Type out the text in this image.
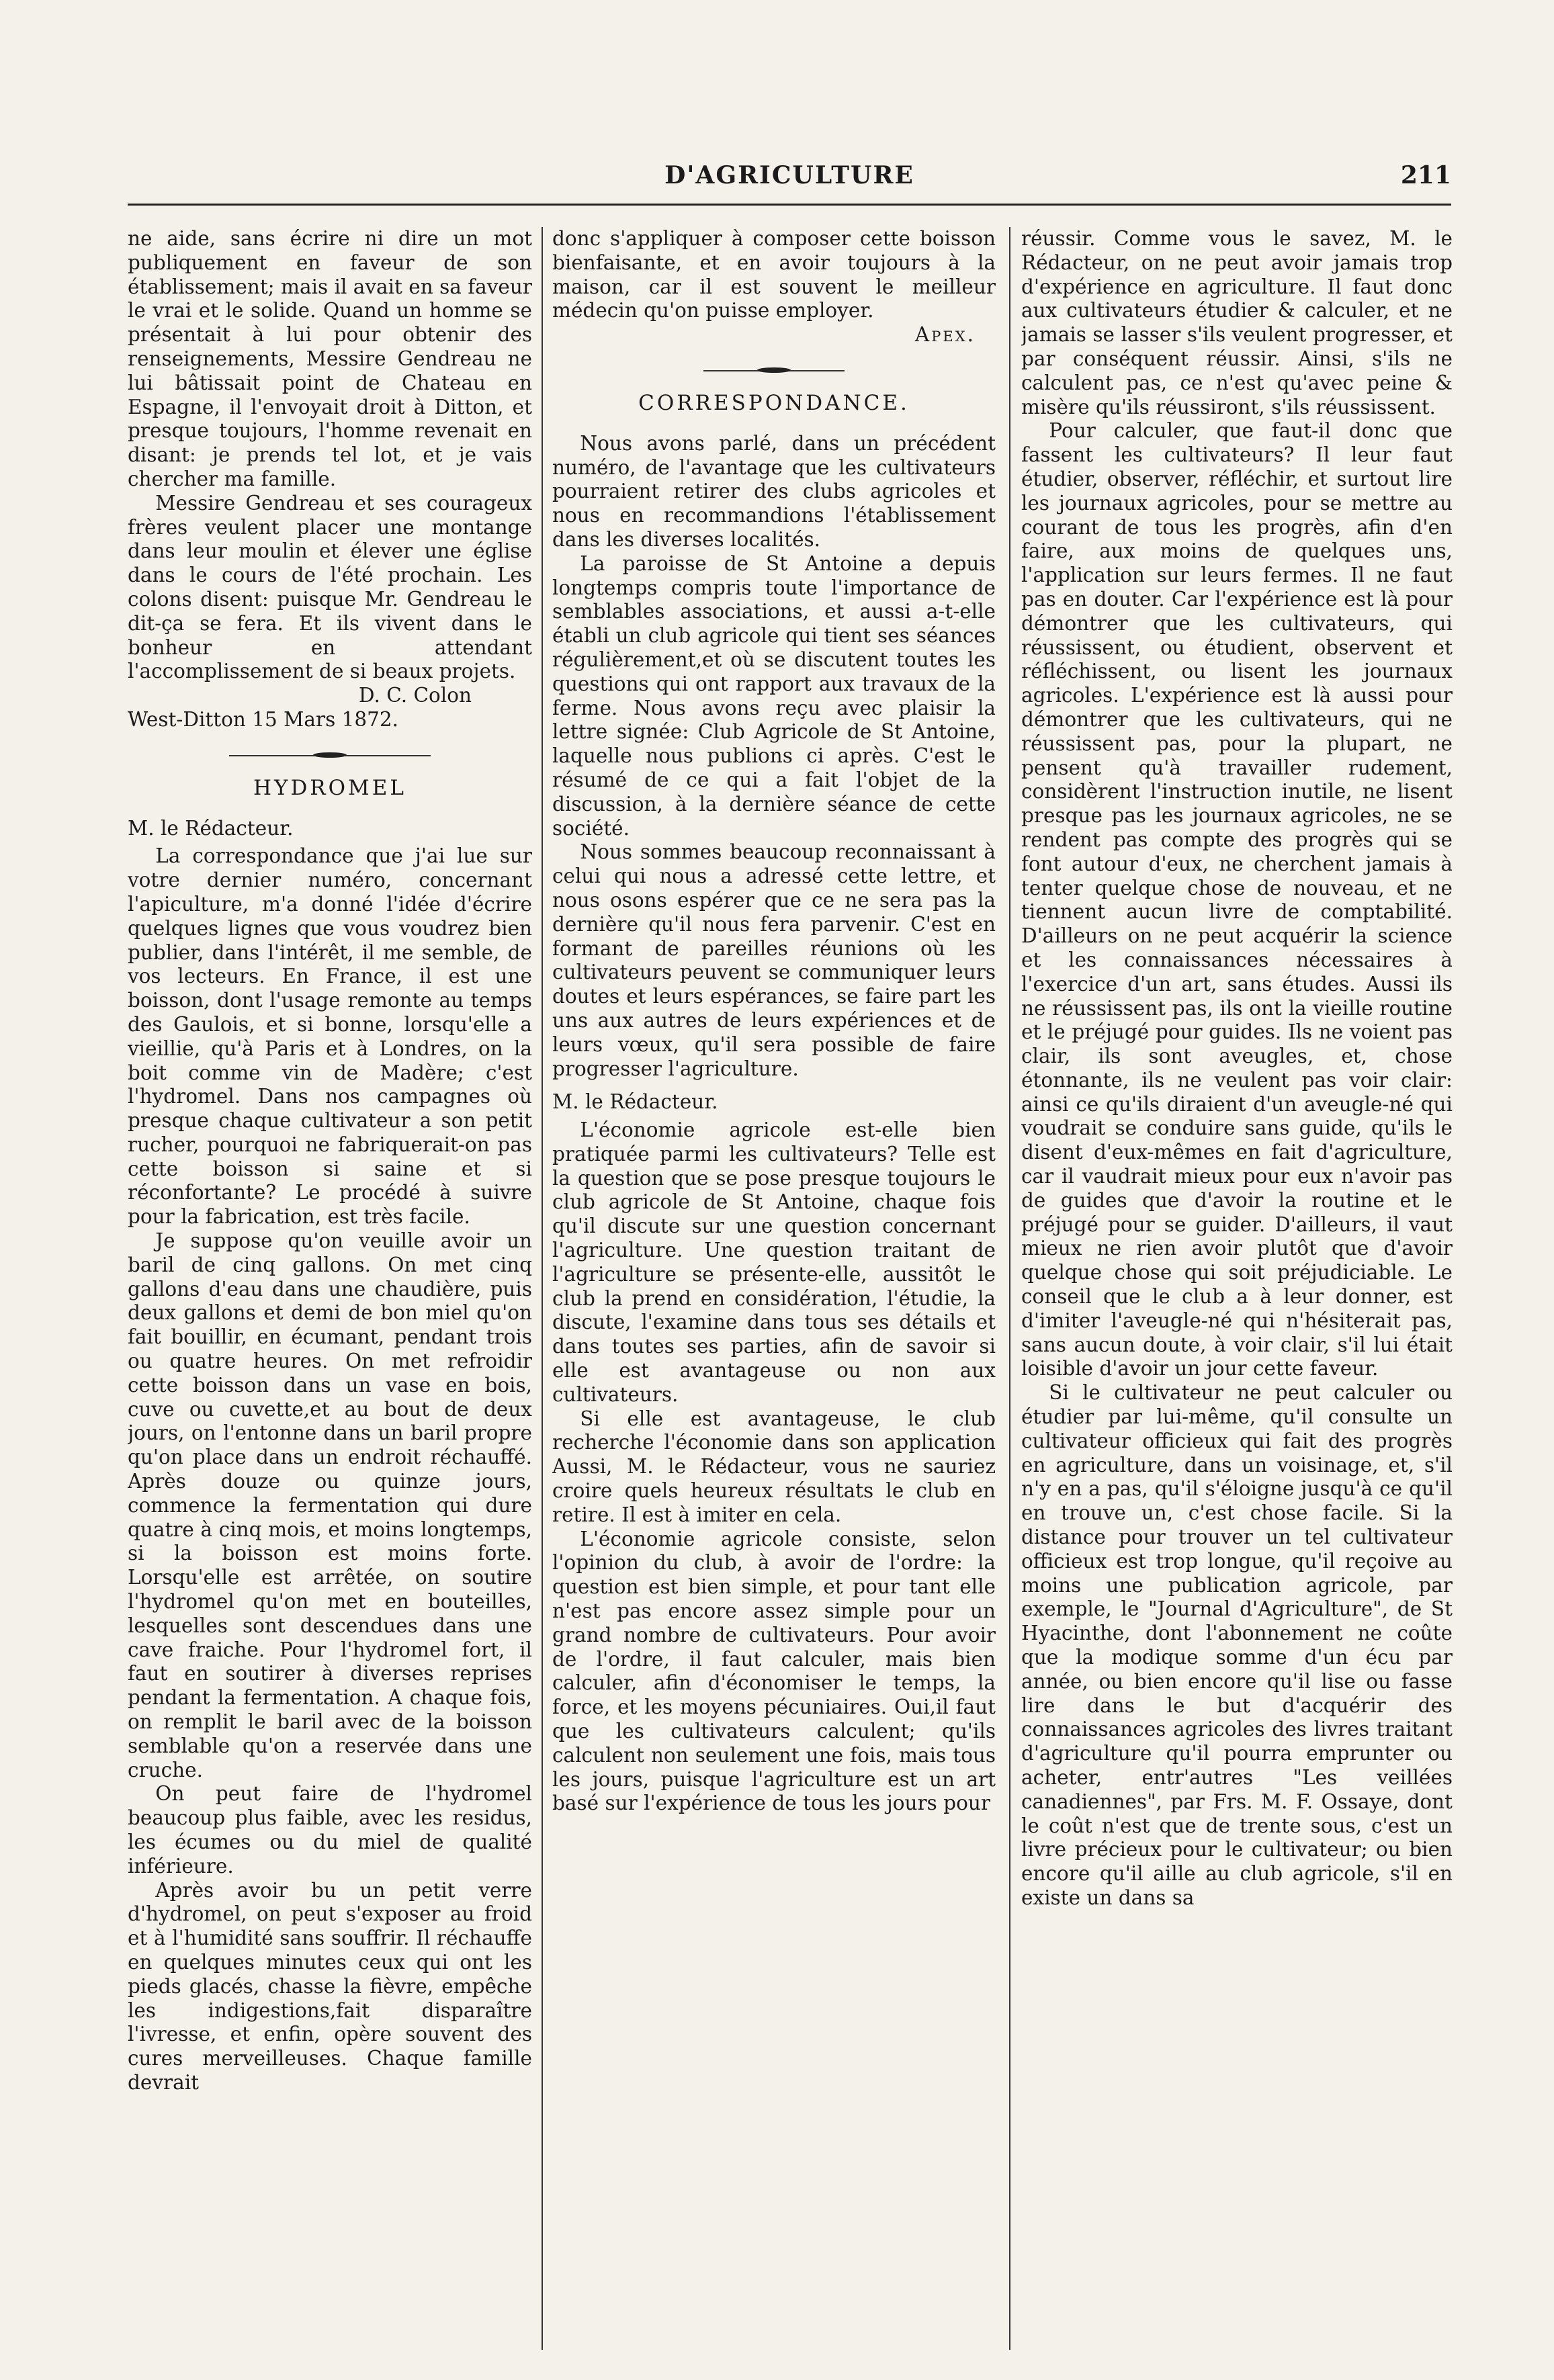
D'AGRICULTURE	211

ne aide, sans écrire ni dire un mot publiquement en faveur de son établissement; mais il avait en sa faveur le vrai et le solide. Quand un homme se présentait à lui pour obtenir des renseignements, Messire Gendreau ne lui bâtissait point de Chateau en Espagne, il l'envoyait droit à Ditton, et presque toujours, l'homme revenait en disant: je prends tel lot, et je vais chercher ma famille.

Messire Gendreau et ses courageux frères veulent placer une montange dans leur moulin et élever une église dans le cours de l'été prochain. Les colons disent: puisque Mr. Gendreau le dit-ça se fera. Et ils vivent dans le bonheur en attendant l'accomplissement de si beaux projets.

D. C. Colon

West-Ditton 15 Mars 1872.

HYDROMEL

M. le Rédacteur.

La correspondance que j'ai lue sur votre dernier numéro, concernant l'apiculture, m'a donné l'idée d'écrire quelques lignes que vous voudrez bien publier, dans l'intérêt, il me semble, de vos lecteurs. En France, il est une boisson, dont l'usage remonte au temps des Gaulois, et si bonne, lorsqu'elle a vieillie, qu'à Paris et à Londres, on la boit comme vin de Madère; c'est l'hydromel. Dans nos campagnes où presque chaque cultivateur a son petit rucher, pourquoi ne fabriquerait-on pas cette boisson si saine et si réconfortante? Le procédé à suivre pour la fabrication, est très facile.

Je suppose qu'on veuille avoir un baril de cinq gallons. On met cinq gallons d'eau dans une chaudière, puis deux gallons et demi de bon miel qu'on fait bouillir, en écumant, pendant trois ou quatre heures. On met refroidir cette boisson dans un vase en bois, cuve ou cuvette,et au bout de deux jours, on l'entonne dans un baril propre qu'on place dans un endroit réchauffé. Après douze ou quinze jours, commence la fermentation qui dure quatre à cinq mois, et moins longtemps, si la boisson est moins forte. Lorsqu'elle est arrêtée, on soutire l'hydromel qu'on met en bouteilles, lesquelles sont descendues dans une cave fraiche. Pour l'hydromel fort, il faut en soutirer à diverses reprises pendant la fermentation. A chaque fois, on remplit le baril avec de la boisson semblable qu'on a reservée dans une cruche.

On peut faire de l'hydromel beaucoup plus faible, avec les residus, les écumes ou du miel de qualité inférieure.

Après avoir bu un petit verre d'hydromel, on peut s'exposer au froid et à l'humidité sans souffrir. Il réchauffe en quelques minutes ceux qui ont les pieds glacés, chasse la fièvre, empêche les indigestions,fait disparaître l'ivresse, et enfin, opère souvent des cures merveilleuses. Chaque famille devrait

donc s'appliquer à composer cette boisson bienfaisante, et en avoir toujours à la maison, car il est souvent le meilleur médecin qu'on puisse employer.

Apex.

CORRESPONDANCE.

Nous avons parlé, dans un précédent numéro, de l'avantage que les cultivateurs pourraient retirer des clubs agricoles et nous en recommandions l'établissement dans les diverses localités.

La paroisse de St Antoine a depuis longtemps compris toute l'importance de semblables associations, et aussi a-t-elle établi un club agricole qui tient ses séances régulièrement,et où se discutent toutes les questions qui ont rapport aux travaux de la ferme. Nous avons reçu avec plaisir la lettre signée: Club Agricole de St Antoine, laquelle nous publions ci après. C'est le résumé de ce qui a fait l'objet de la discussion, à la dernière séance de cette société.

Nous sommes beaucoup reconnaissant à celui qui nous a adressé cette lettre, et nous osons espérer que ce ne sera pas la dernière qu'il nous fera parvenir. C'est en formant de pareilles réunions où les cultivateurs peuvent se communiquer leurs doutes et leurs espérances, se faire part les uns aux autres de leurs expériences et de leurs vœux, qu'il sera possible de faire progresser l'agriculture.

M. le Rédacteur.

L'économie agricole est-elle bien pratiquée parmi les cultivateurs? Telle est la question que se pose presque toujours le club agricole de St Antoine, chaque fois qu'il discute sur une question concernant l'agriculture. Une question traitant de l'agriculture se présente-elle, aussitôt le club la prend en considération, l'étudie, la discute, l'examine dans tous ses détails et dans toutes ses parties, afin de savoir si elle est avantageuse ou non aux cultivateurs.

Si elle est avantageuse, le club recherche l'économie dans son application Aussi, M. le Rédacteur, vous ne sauriez croire quels heureux résultats le club en retire. Il est à imiter en cela.

L'économie agricole consiste, selon l'opinion du club, à avoir de l'ordre: la question est bien simple, et pour tant elle n'est pas encore assez simple pour un grand nombre de cultivateurs. Pour avoir de l'ordre, il faut calculer, mais bien calculer, afin d'économiser le temps, la force, et les moyens pécuniaires. Oui,il faut que les cultivateurs calculent; qu'ils calculent non seulement une fois, mais tous les jours, puisque l'agriculture est un art basé sur l'expérience de tous les jours pour

réussir. Comme vous le savez, M. le Rédacteur, on ne peut avoir jamais trop d'expérience en agriculture. Il faut donc aux cultivateurs étudier & calculer, et ne jamais se lasser s'ils veulent progresser, et par conséquent réussir. Ainsi, s'ils ne calculent pas, ce n'est qu'avec peine & misère qu'ils réussiront, s'ils réussissent.

Pour calculer, que faut-il donc que fassent les cultivateurs? Il leur faut étudier, observer, réfléchir, et surtout lire les journaux agricoles, pour se mettre au courant de tous les progrès, afin d'en faire, aux moins de quelques uns, l'application sur leurs fermes. Il ne faut pas en douter. Car l'expérience est là pour démontrer que les cultivateurs, qui réussissent, ou étudient, observent et réfléchissent, ou lisent les journaux agricoles. L'expérience est là aussi pour démontrer que les cultivateurs, qui ne réussissent pas, pour la plupart, ne pensent qu'à travailler rudement, considèrent l'instruction inutile, ne lisent presque pas les journaux agricoles, ne se rendent pas compte des progrès qui se font autour d'eux, ne cherchent jamais à tenter quelque chose de nouveau, et ne tiennent aucun livre de comptabilité. D'ailleurs on ne peut acquérir la science et les connaissances nécessaires à l'exercice d'un art, sans études. Aussi ils ne réussissent pas, ils ont la vieille routine et le préjugé pour guides. Ils ne voient pas clair, ils sont aveugles, et, chose étonnante, ils ne veulent pas voir clair: ainsi ce qu'ils diraient d'un aveugle-né qui voudrait se conduire sans guide, qu'ils le disent d'eux-mêmes en fait d'agriculture, car il vaudrait mieux pour eux n'avoir pas de guides que d'avoir la routine et le préjugé pour se guider. D'ailleurs, il vaut mieux ne rien avoir plutôt que d'avoir quelque chose qui soit préjudiciable. Le conseil que le club a à leur donner, est d'imiter l'aveugle-né qui n'hésiterait pas, sans aucun doute, à voir clair, s'il lui était loisible d'avoir un jour cette faveur.

Si le cultivateur ne peut calculer ou étudier par lui-même, qu'il consulte un cultivateur officieux qui fait des progrès en agriculture, dans un voisinage, et, s'il n'y en a pas, qu'il s'éloigne jusqu'à ce qu'il en trouve un, c'est chose facile. Si la distance pour trouver un tel cultivateur officieux est trop longue, qu'il reçoive au moins une publication agricole, par exemple, le "Journal d'Agriculture", de St Hyacinthe, dont l'abonnement ne coûte que la modique somme d'un écu par année, ou bien encore qu'il lise ou fasse lire dans le but d'acquérir des connaissances agricoles des livres traitant d'agriculture qu'il pourra emprunter ou acheter, entr'autres "Les veillées canadiennes", par Frs. M. F. Ossaye, dont le coût n'est que de trente sous, c'est un livre précieux pour le cultivateur; ou bien encore qu'il aille au club agricole, s'il en existe un dans sa
